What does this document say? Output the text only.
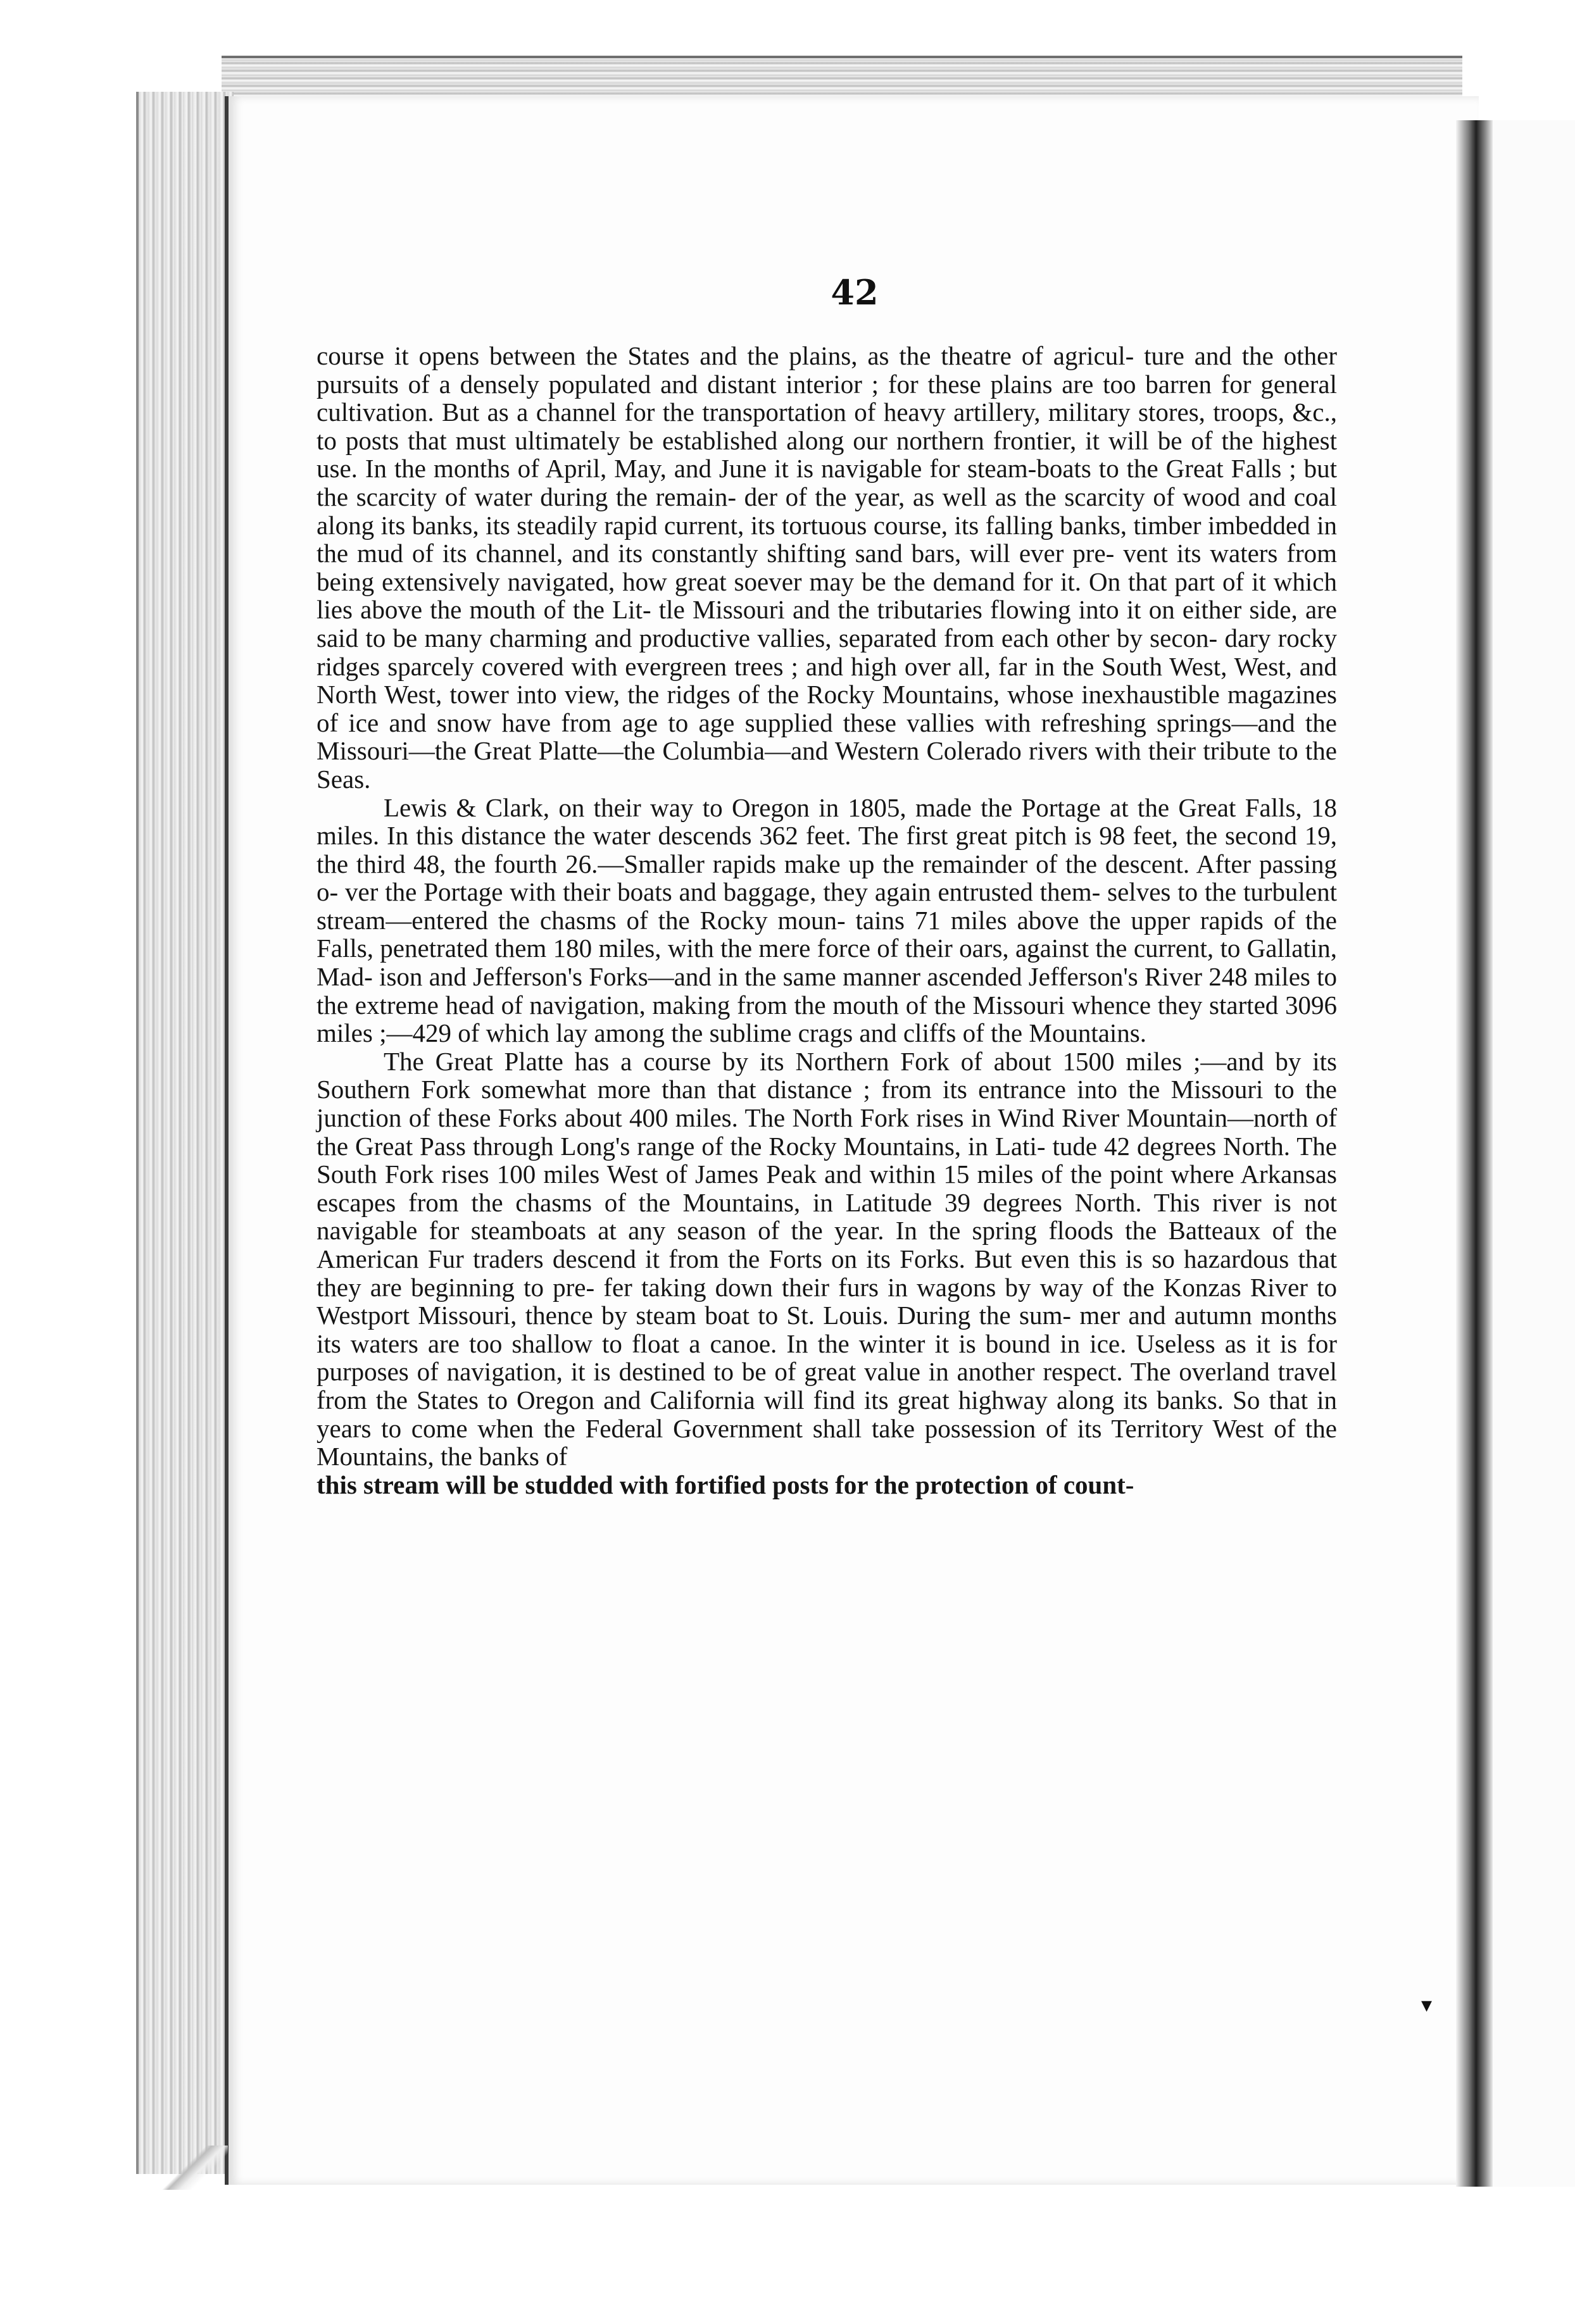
42

course it opens between the States and the plains, as the theatre of agricul- ture and the other pursuits of a densely populated and distant interior ; for these plains are too barren for general cultivation. But as a channel for the transportation of heavy artillery, military stores, troops, &c., to posts that must ultimately be established along our northern frontier, it will be of the highest use. In the months of April, May, and June it is navigable for steam-boats to the Great Falls ; but the scarcity of water during the remain- der of the year, as well as the scarcity of wood and coal along its banks, its steadily rapid current, its tortuous course, its falling banks, timber imbedded in the mud of its channel, and its constantly shifting sand bars, will ever pre- vent its waters from being extensively navigated, how great soever may be the demand for it. On that part of it which lies above the mouth of the Lit- tle Missouri and the tributaries flowing into it on either side, are said to be many charming and productive vallies, separated from each other by secon- dary rocky ridges sparcely covered with evergreen trees ; and high over all, far in the South West, West, and North West, tower into view, the ridges of the Rocky Mountains, whose inexhaustible magazines of ice and snow have from age to age supplied these vallies with refreshing springs—and the Missouri—the Great Platte—the Columbia—and Western Colerado rivers with their tribute to the Seas.

Lewis & Clark, on their way to Oregon in 1805, made the Portage at the Great Falls, 18 miles. In this distance the water descends 362 feet. The first great pitch is 98 feet, the second 19, the third 48, the fourth 26.—Smaller rapids make up the remainder of the descent. After passing o- ver the Portage with their boats and baggage, they again entrusted them- selves to the turbulent stream—entered the chasms of the Rocky moun- tains 71 miles above the upper rapids of the Falls, penetrated them 180 miles, with the mere force of their oars, against the current, to Gallatin, Mad- ison and Jefferson's Forks—and in the same manner ascended Jefferson's River 248 miles to the extreme head of navigation, making from the mouth of the Missouri whence they started 3096 miles ;—429 of which lay among the sublime crags and cliffs of the Mountains.

The Great Platte has a course by its Northern Fork of about 1500 miles ;—and by its Southern Fork somewhat more than that distance ; from its entrance into the Missouri to the junction of these Forks about 400 miles. The North Fork rises in Wind River Mountain—north of the Great Pass through Long's range of the Rocky Mountains, in Lati- tude 42 degrees North. The South Fork rises 100 miles West of James Peak and within 15 miles of the point where Arkansas escapes from the chasms of the Mountains, in Latitude 39 degrees North. This river is not navigable for steamboats at any season of the year. In the spring floods the Batteaux of the American Fur traders descend it from the Forts on its Forks. But even this is so hazardous that they are beginning to pre- fer taking down their furs in wagons by way of the Konzas River to Westport Missouri, thence by steam boat to St. Louis. During the sum- mer and autumn months its waters are too shallow to float a canoe. In the winter it is bound in ice. Useless as it is for purposes of navigation, it is destined to be of great value in another respect. The overland travel from the States to Oregon and California will find its great highway along its banks. So that in years to come when the Federal Government shall take possession of its Territory West of the Mountains, the banks of

this stream will be studded with fortified posts for the protection of count-

▾
